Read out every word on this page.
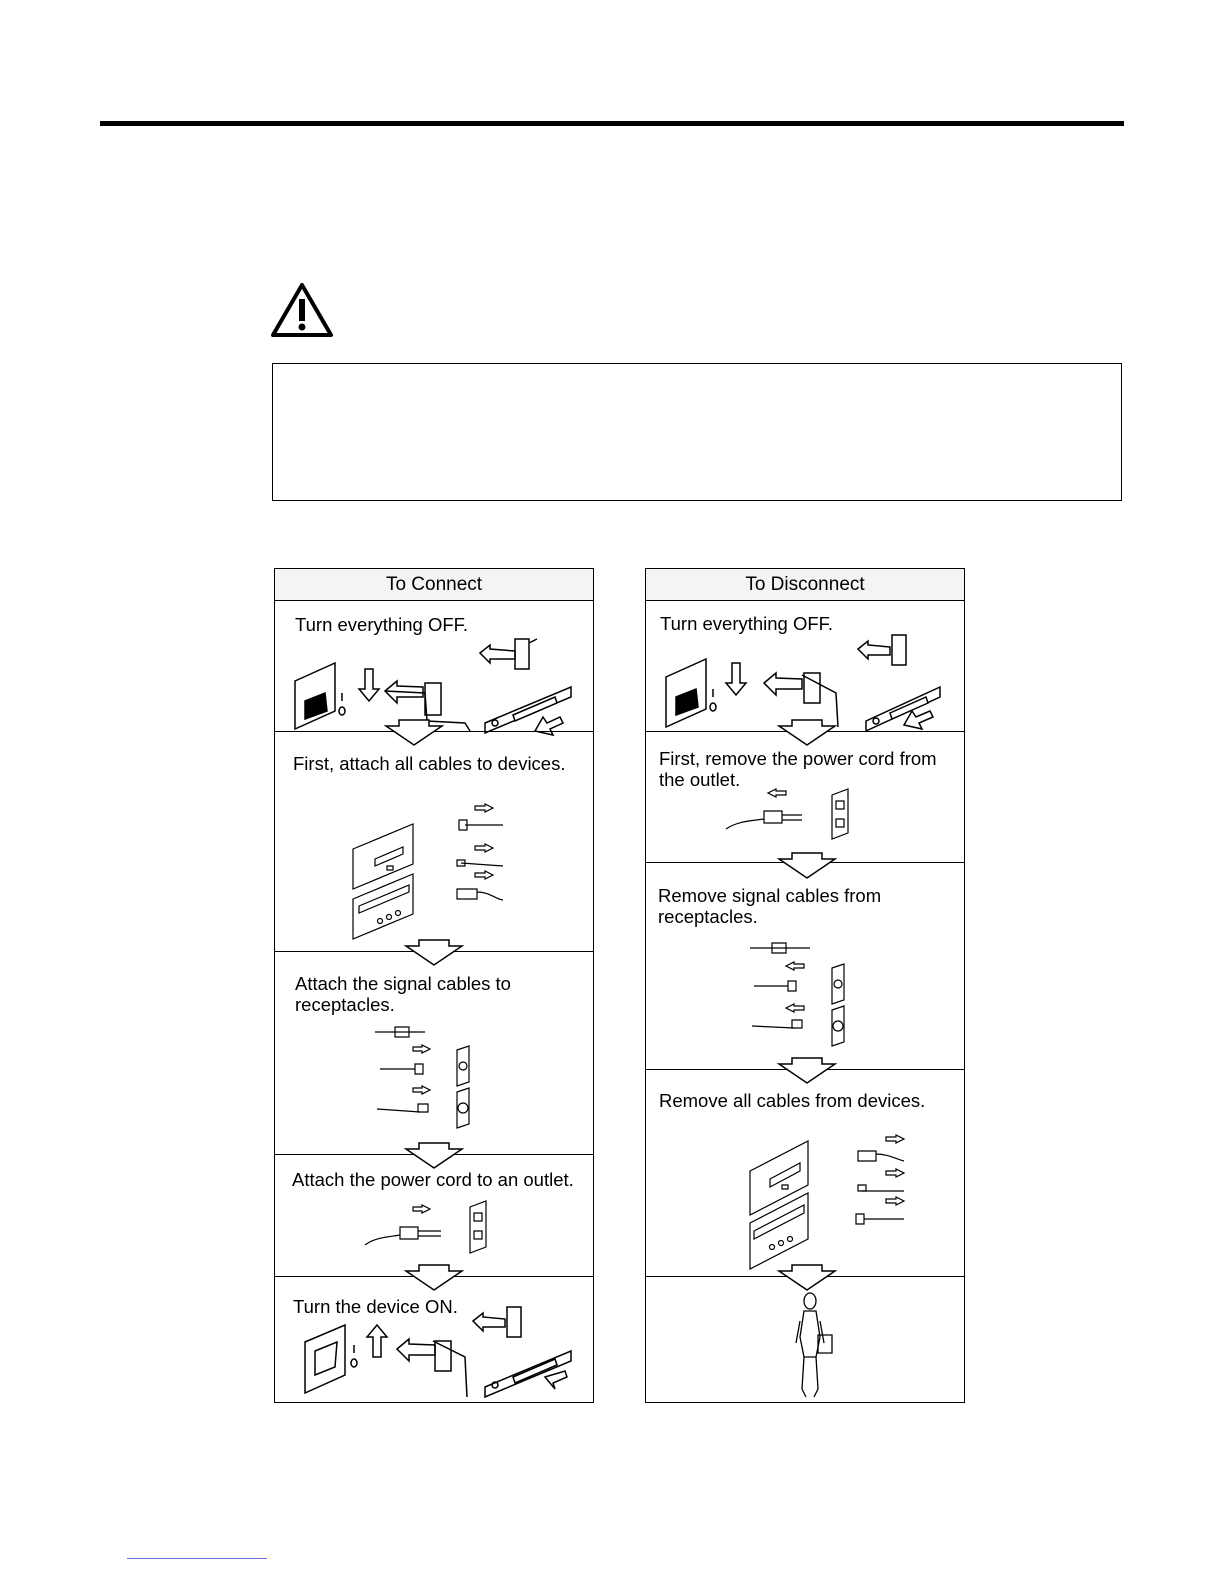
To Connect
Turn everything OFF.
First, attach all cables to devices.
Attach the signal cables to
receptacles.
Attach the power cord to an outlet.
Turn the device ON.
To Disconnect
Turn everything OFF.
First, remove the power cord from
the outlet.
Remove signal cables from
receptacles.
Remove all cables from devices.
